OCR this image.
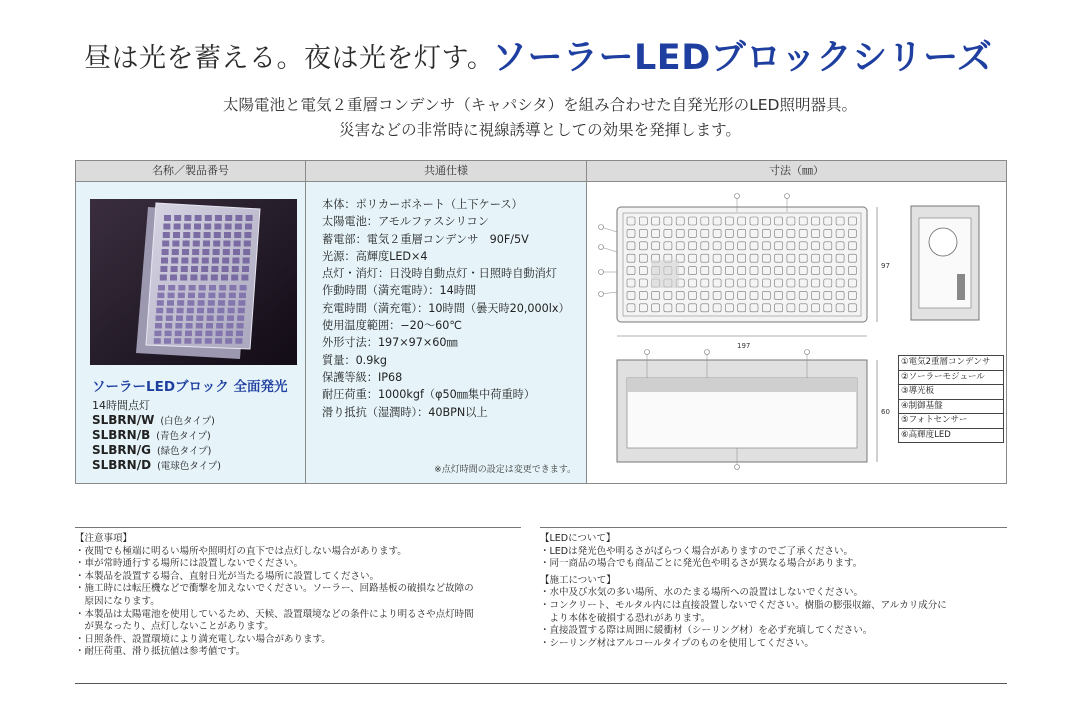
昼は光を蓄える。夜は光を灯す。
ソーラーLEDブロックシリーズ
太陽電池と電気２重層コンデンサ（キャパシタ）を組み合わせた自発光形のLED照明器具。
災害などの非常時に視線誘導としての効果を発揮します。
名称／製品番号	共通仕様	寸法（㎜）
ソーラーLEDブロック 全面発光
14時間点灯
SLBRN/W (白色タイプ)
SLBRN/B (青色タイプ)
SLBRN/G (緑色タイプ)
SLBRN/D (電球色タイプ)
本体：ポリカーボネート（上下ケース）
太陽電池：アモルファスシリコン
蓄電部：電気２重層コンデンサ　90F/5V
光源：高輝度LED×4
点灯・消灯：日没時自動点灯・日照時自動消灯
作動時間（満充電時）：14時間
充電時間（満充電）：10時間（曇天時20,000lx）
使用温度範囲：−20～60℃
外形寸法：197×97×60㎜
質量：0.9kg
保護等級：IP68
耐圧荷重：1000kgf（φ50㎜集中荷重時）
滑り抵抗（湿潤時）：40BPN以上
※点灯時間の設定は変更できます。
197
97
60
①電気2重層コンデンサ
②ソーラーモジュール
③導光板
④制御基盤
⑤フォトセンサー
⑥高輝度LED
【注意事項】
・夜間でも極端に明るい場所や照明灯の直下では点灯しない場合があります。
・車が常時通行する場所には設置しないでください。
・本製品を設置する場合、直射日光が当たる場所に設置してください。
・施工時には転圧機などで衝撃を加えないでください。ソーラー、回路基板の破損など故障の
　原因になります。
・本製品は太陽電池を使用しているため、天候、設置環境などの条件により明るさや点灯時間
　が異なったり、点灯しないことがあります。
・日照条件、設置環境により満充電しない場合があります。
・耐圧荷重、滑り抵抗値は参考値です。
【LEDについて】
・LEDは発光色や明るさがばらつく場合がありますのでご了承ください。
・同一商品の場合でも商品ごとに発光色や明るさが異なる場合があります。
【施工について】
・水中及び水気の多い場所、水のたまる場所への設置はしないでください。
・コンクリート、モルタル内には直接設置しないでください。樹脂の膨張収縮、アルカリ成分に
　より本体を破損する恐れがあります。
・直接設置する際は周囲に緩衝材（シーリング材）を必ず充填してください。
・シーリング材はアルコールタイプのものを使用してください。
